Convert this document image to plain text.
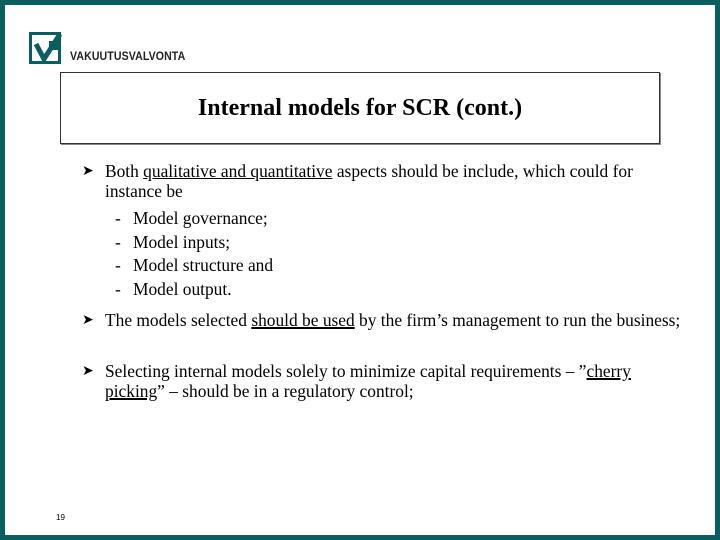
VAKUUTUSVALVONTA
Internal models for SCR (cont.)
➤ Both qualitative and quantitative aspects should be include, which could for instance be
- Model governance;
- Model inputs;
- Model structure and
- Model output.
➤ The models selected should be used by the firm’s management to run the business;
➤ Selecting internal models solely to minimize capital requirements – ”cherry picking” – should be in a regulatory control;
19
